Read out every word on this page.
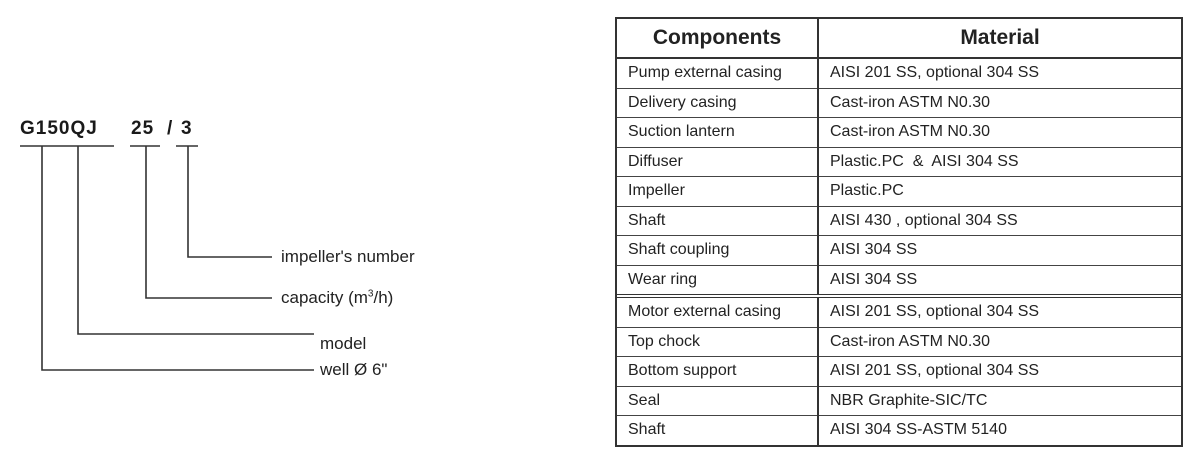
G150QJ 25 / 3
impeller's number
capacity $(m^3/h)$
model
well Ø 6"
Components	Material
Pump external casing	AISI 201 SS, optional 304 SS
Delivery casing	Cast-iron ASTM N0.30
Suction lantern	Cast-iron ASTM N0.30
Diffuser	Plastic.PC  &  AISI 304 SS
Impeller	Plastic.PC
Shaft	AISI 430 , optional 304 SS
Shaft coupling	AISI 304 SS
Wear ring	AISI 304 SS
Motor external casing	AISI 201 SS, optional 304 SS
Top chock	Cast-iron ASTM N0.30
Bottom support	AISI 201 SS, optional 304 SS
Seal	NBR Graphite-SIC/TC
Shaft	AISI 304 SS-ASTM 5140
